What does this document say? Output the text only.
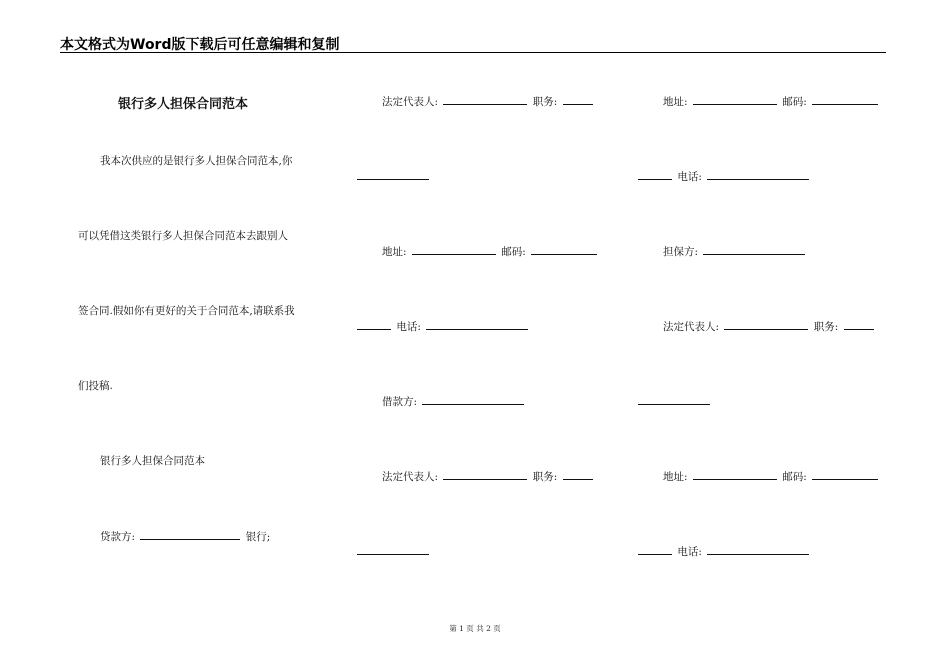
本文格式为Word版下载后可任意编辑和复制
银行多人担保合同范本
我本次供应的是银行多人担保合同范本,你
可以凭借这类银行多人担保合同范本去跟别人
签合同.假如你有更好的关于合同范本,请联系我
们投稿.
银行多人担保合同范本
贷款方:	银行;
法定代表人:	职务:
地址:	邮码:
电话:
借款方:
法定代表人:	职务:
地址:	邮码:
电话:
担保方:
法定代表人:	职务:
地址:	邮码:
电话:
第 1 页 共 2 页
